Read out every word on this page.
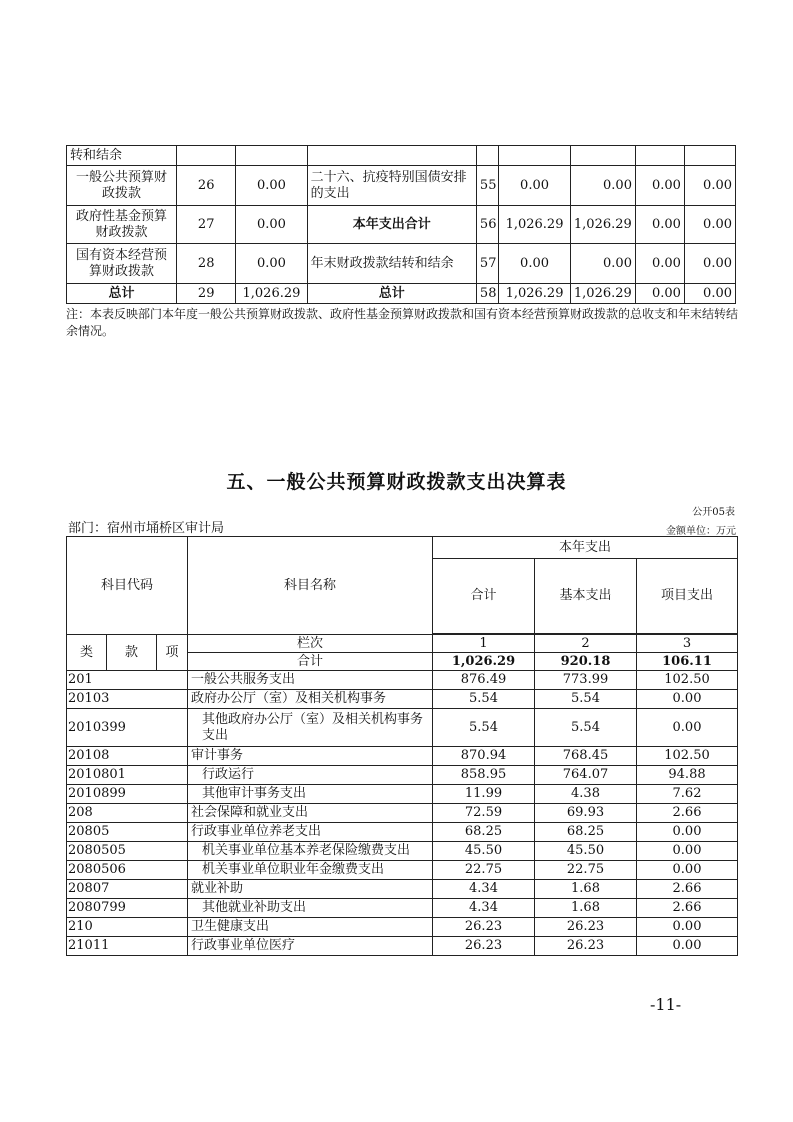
转和结余								
一般公共预算财政拨款	26	0.00	二十六、抗疫特别国债安排的支出	55	0.00	0.00	0.00	0.00
政府性基金预算财政拨款	27	0.00	本年支出合计	56	1,026.29	1,026.29	0.00	0.00
国有资本经营预算财政拨款	28	0.00	年末财政拨款结转和结余	57	0.00	0.00	0.00	0.00
总计	29	1,026.29	总计	58	1,026.29	1,026.29	0.00	0.00
注：本表反映部门本年度一般公共预算财政拨款、政府性基金预算财政拨款和国有资本经营预算财政拨款的总收支和年末结转结余情况。
五、一般公共预算财政拨款支出决算表
公开05表
部门：宿州市埇桥区审计局	金额单位：万元
科目代码			科目名称	本年支出		
				合计	基本支出	项目支出

类	款	项	栏次	1	2	3
			合计	1,026.29	920.18	106.11
201			一般公共服务支出	876.49	773.99	102.50
20103			政府办公厅（室）及相关机构事务	5.54	5.54	0.00
2010399			其他政府办公厅（室）及相关机构事务支出	5.54	5.54	0.00
20108			审计事务	870.94	768.45	102.50
2010801			行政运行	858.95	764.07	94.88
2010899			其他审计事务支出	11.99	4.38	7.62
208			社会保障和就业支出	72.59	69.93	2.66
20805			行政事业单位养老支出	68.25	68.25	0.00
2080505			机关事业单位基本养老保险缴费支出	45.50	45.50	0.00
2080506			机关事业单位职业年金缴费支出	22.75	22.75	0.00
20807			就业补助	4.34	1.68	2.66
2080799			其他就业补助支出	4.34	1.68	2.66
210			卫生健康支出	26.23	26.23	0.00
21011			行政事业单位医疗	26.23	26.23	0.00
-11-
